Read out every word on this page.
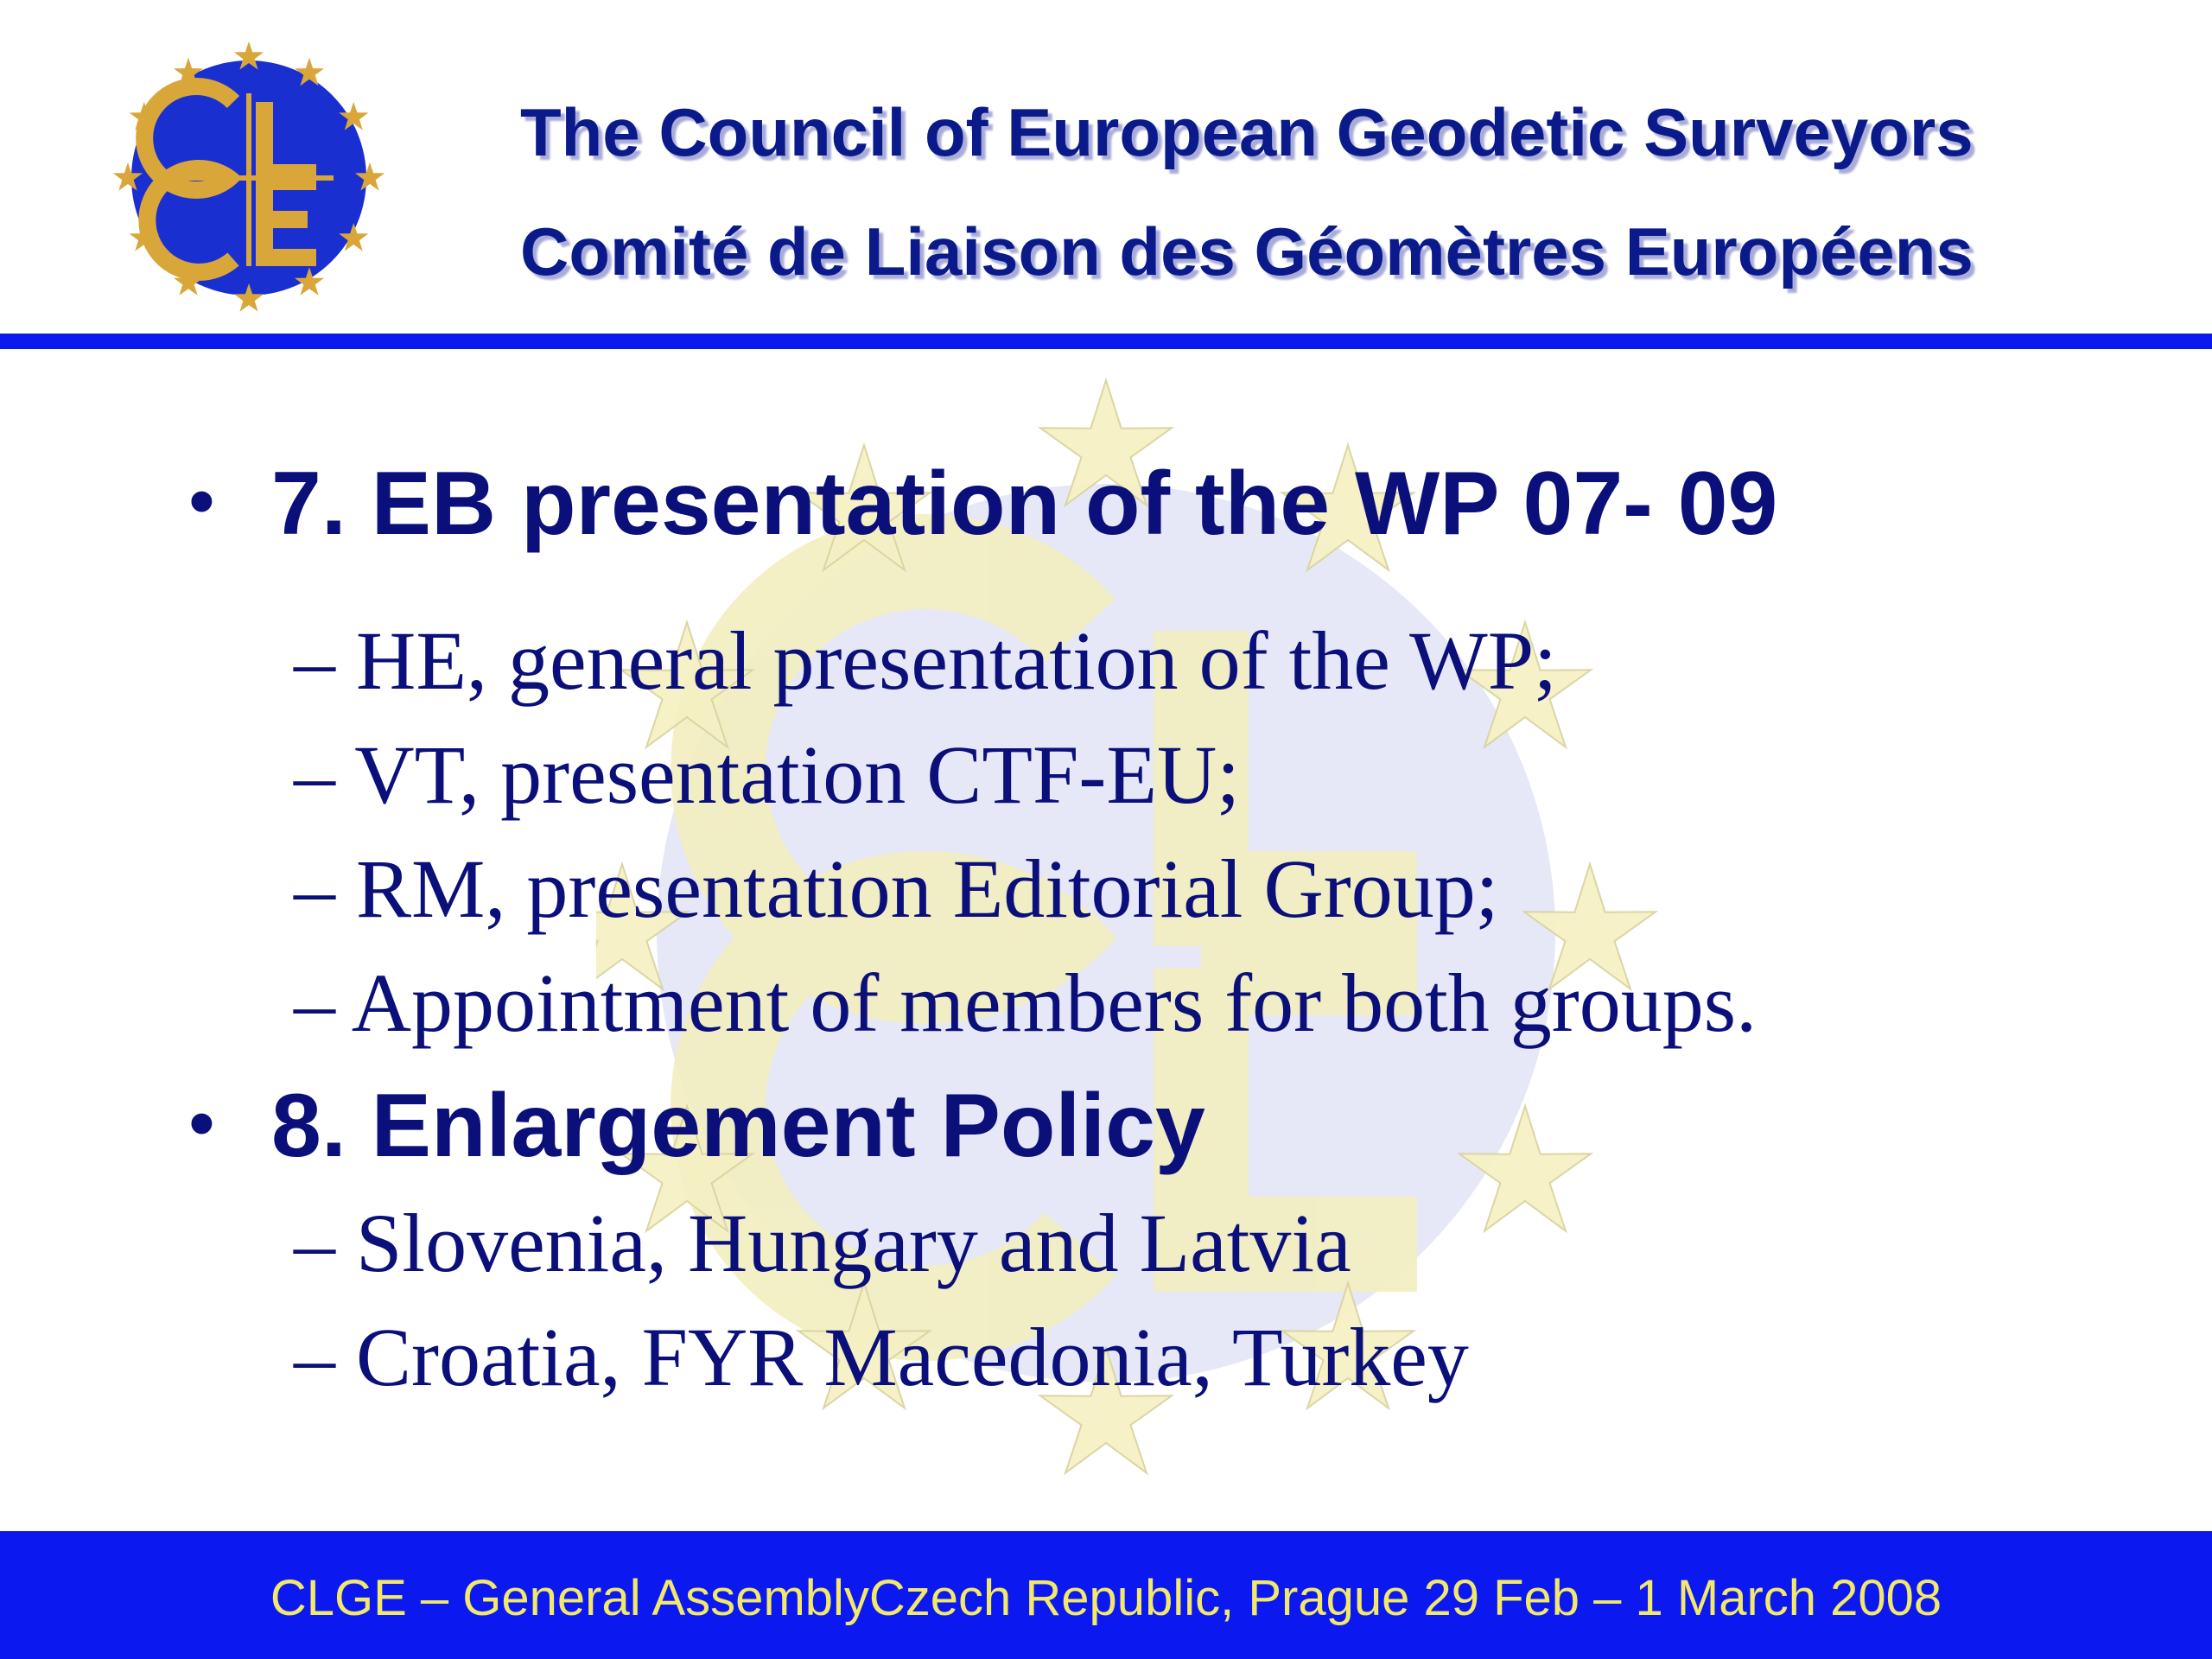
The Council of European Geodetic Surveyors
Comité de Liaison des Géomètres Européens
• 7. EB presentation of the WP 07- 09
– HE, general presentation of the WP;
– VT, presentation CTF-EU;
– RM, presentation Editorial Group;
– Appointment of members for both groups.
• 8. Enlargement Policy
– Slovenia, Hungary and Latvia
– Croatia, FYR Macedonia, Turkey
CLGE – General AssemblyCzech Republic, Prague 29 Feb – 1 March 2008
